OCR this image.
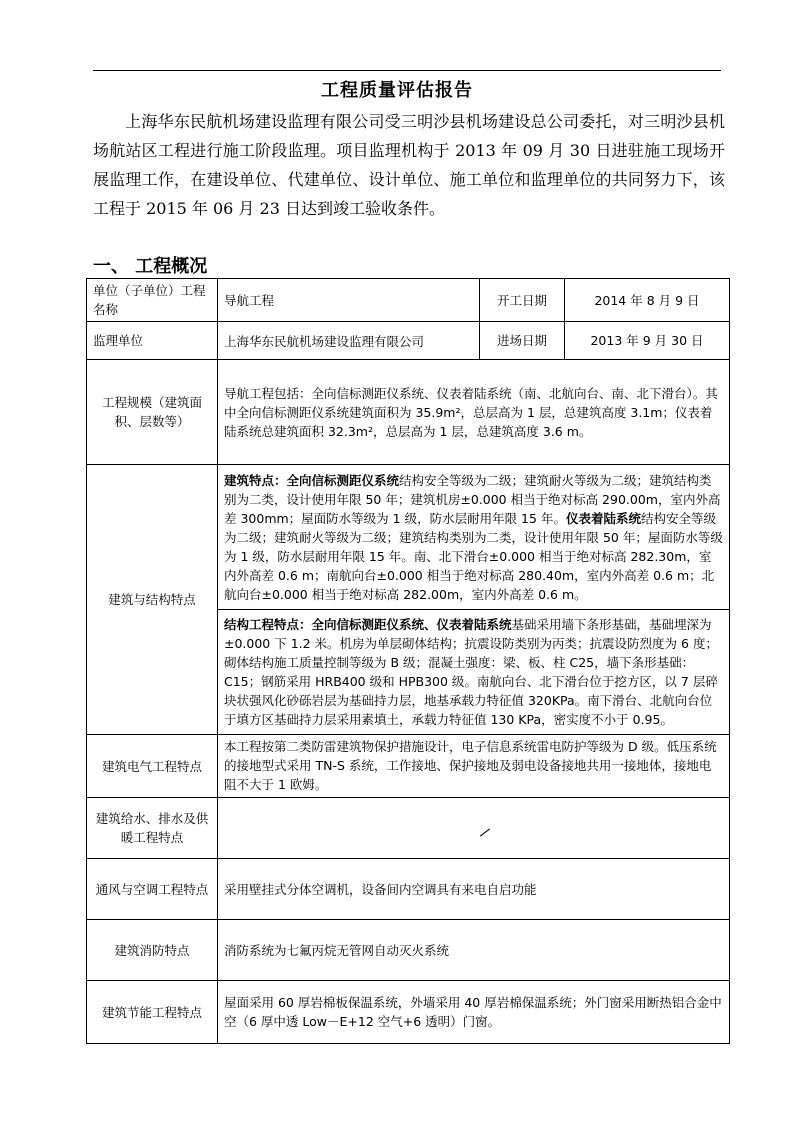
工程质量评估报告
上海华东民航机场建设监理有限公司受三明沙县机场建设总公司委托，对三明沙县机场航站区工程进行施工阶段监理。项目监理机构于 2013 年 09 月 30 日进驻施工现场开展监理工作，在建设单位、代建单位、设计单位、施工单位和监理单位的共同努力下，该工程于 2015 年 06 月 23 日达到竣工验收条件。
一、 工程概况
单位（子单位）工程名称	导航工程	开工日期	2014 年 8 月 9 日
监理单位	上海华东民航机场建设监理有限公司	进场日期	2013 年 9 月 30 日
工程规模（建筑面积、层数等）	导航工程包括：全向信标测距仪系统、仪表着陆系统（南、北航向台、南、北下滑台）。其中全向信标测距仪系统建筑面积为 35.9m²，总层高为 1 层，总建筑高度 3.1m；仪表着陆系统总建筑面积 32.3m²，总层高为 1 层，总建筑高度 3.6 m。		
建筑与结构特点	建筑特点：全向信标测距仪系统结构安全等级为二级；建筑耐火等级为二级；建筑结构类别为二类，设计使用年限 50 年；建筑机房±0.000 相当于绝对标高 290.00m，室内外高差 300mm；屋面防水等级为 1 级，防水层耐用年限 15 年。仪表着陆系统结构安全等级为二级；建筑耐火等级为二级；建筑结构类别为二类，设计使用年限 50 年；屋面防水等级为 1 级，防水层耐用年限 15 年。南、北下滑台±0.000 相当于绝对标高 282.30m，室内外高差 0.6 m；南航向台±0.000 相当于绝对标高 280.40m，室内外高差 0.6 m；北航向台±0.000 相当于绝对标高 282.00m，室内外高差 0.6 m。		
	结构工程特点：全向信标测距仪系统、仪表着陆系统基础采用墙下条形基础，基础埋深为±0.000 下 1.2 米。机房为单层砌体结构；抗震设防类别为丙类；抗震设防烈度为 6 度；砌体结构施工质量控制等级为 B 级；混凝土强度：梁、板、柱 C25，墙下条形基础：C15；钢筋采用 HRB400 级和 HPB300 级。南航向台、北下滑台位于挖方区，以 7 层碎块状强风化砂砾岩层为基础持力层，地基承载力特征值 320KPa。南下滑台、北航向台位于填方区基础持力层采用素填土，承载力特征值 130 KPa，密实度不小于 0.95。		
建筑电气工程特点	本工程按第二类防雷建筑物保护措施设计，电子信息系统雷电防护等级为 D 级。低压系统的接地型式采用 TN-S 系统，工作接地、保护接地及弱电设备接地共用一接地体，接地电阻不大于 1 欧姆。		
建筑给水、排水及供暖工程特点			
通风与空调工程特点	采用壁挂式分体空调机，设备间内空调具有来电自启功能		
建筑消防特点	消防系统为七氟丙烷无管网自动灭火系统		
建筑节能工程特点	屋面采用 60 厚岩棉板保温系统，外墙采用 40 厚岩棉保温系统；外门窗采用断热铝合金中空（6 厚中透 Low－E+12 空气+6 透明）门窗。		
